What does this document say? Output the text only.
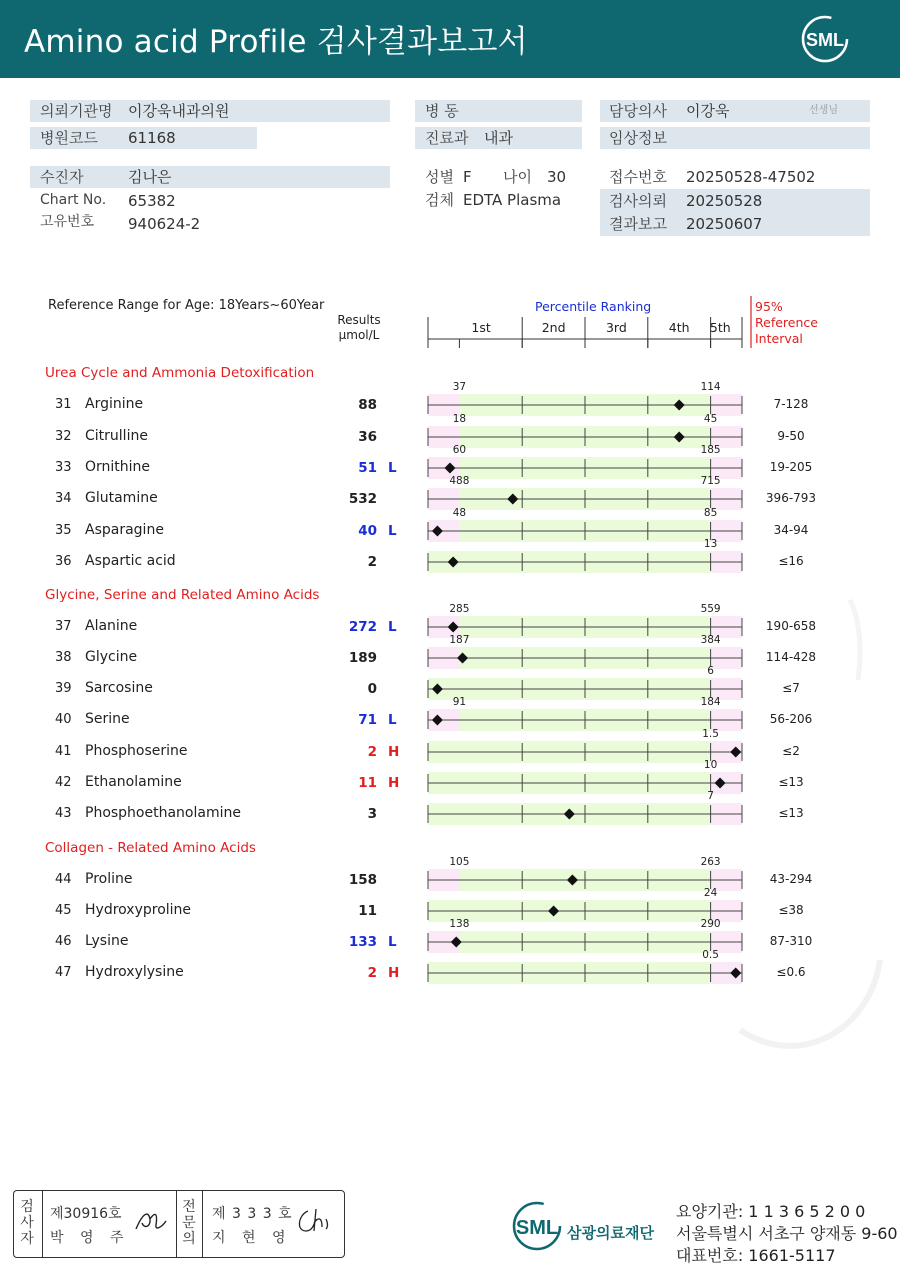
Amino acid Profile 검사결과보고서	SML
의뢰기관명 이강욱내과의원
병원코드 61168
병 동
진료과 내과
담당의사 이강욱	선생님
임상정보
수진자	김나은
Chart No. 65382
고유번호 940624-2
성별 F 나이 30
검체 EDTA Plasma
접수번호 20250528-47502
검사의뢰 20250528
결과보고 20250607
Reference Range for Age: 18Years~60Year
Results
µmol/L
Percentile Ranking	95%
Reference
Interval
1st	2nd	3rd	4th 5th
37	114
18	45
60	185
488	715
48	85
13
285	559
187	384
6
91	184
1.5
10
7
105	263
24
138	290
0.5
Urea Cycle and Ammonia Detoxification
31 Arginine	88	7-128
32 Citrulline	36	9-50
33 Ornithine	51 L	19-205
34 Glutamine	532	396-793
35 Asparagine	40 L	34-94
36 Aspartic acid	2	≤16
Glycine, Serine and Related Amino Acids
37 Alanine	272 L	190-658
38 Glycine	189	114-428
39 Sarcosine	0	≤7
40 Serine	71 L	56-206
41 Phosphoserine	2 H	≤2
42 Ethanolamine	11 H	≤13
43 Phosphoethanolamine	3	≤13
Collagen - Related Amino Acids
44 Proline	158	43-294
45 Hydroxyproline	11	≤38
46 Lysine	133 L	87-310
47 Hydroxylysine	2 H	≤0.6
검사자
제30916호
박 영 주
전문의
제 3 3 3 호
지 현 영	SML 삼광의료재단
요양기관: 1 1 3 6 5 2 0 0
서울특별시 서초구 양재동 9-60
대표번호: 1661-5117
